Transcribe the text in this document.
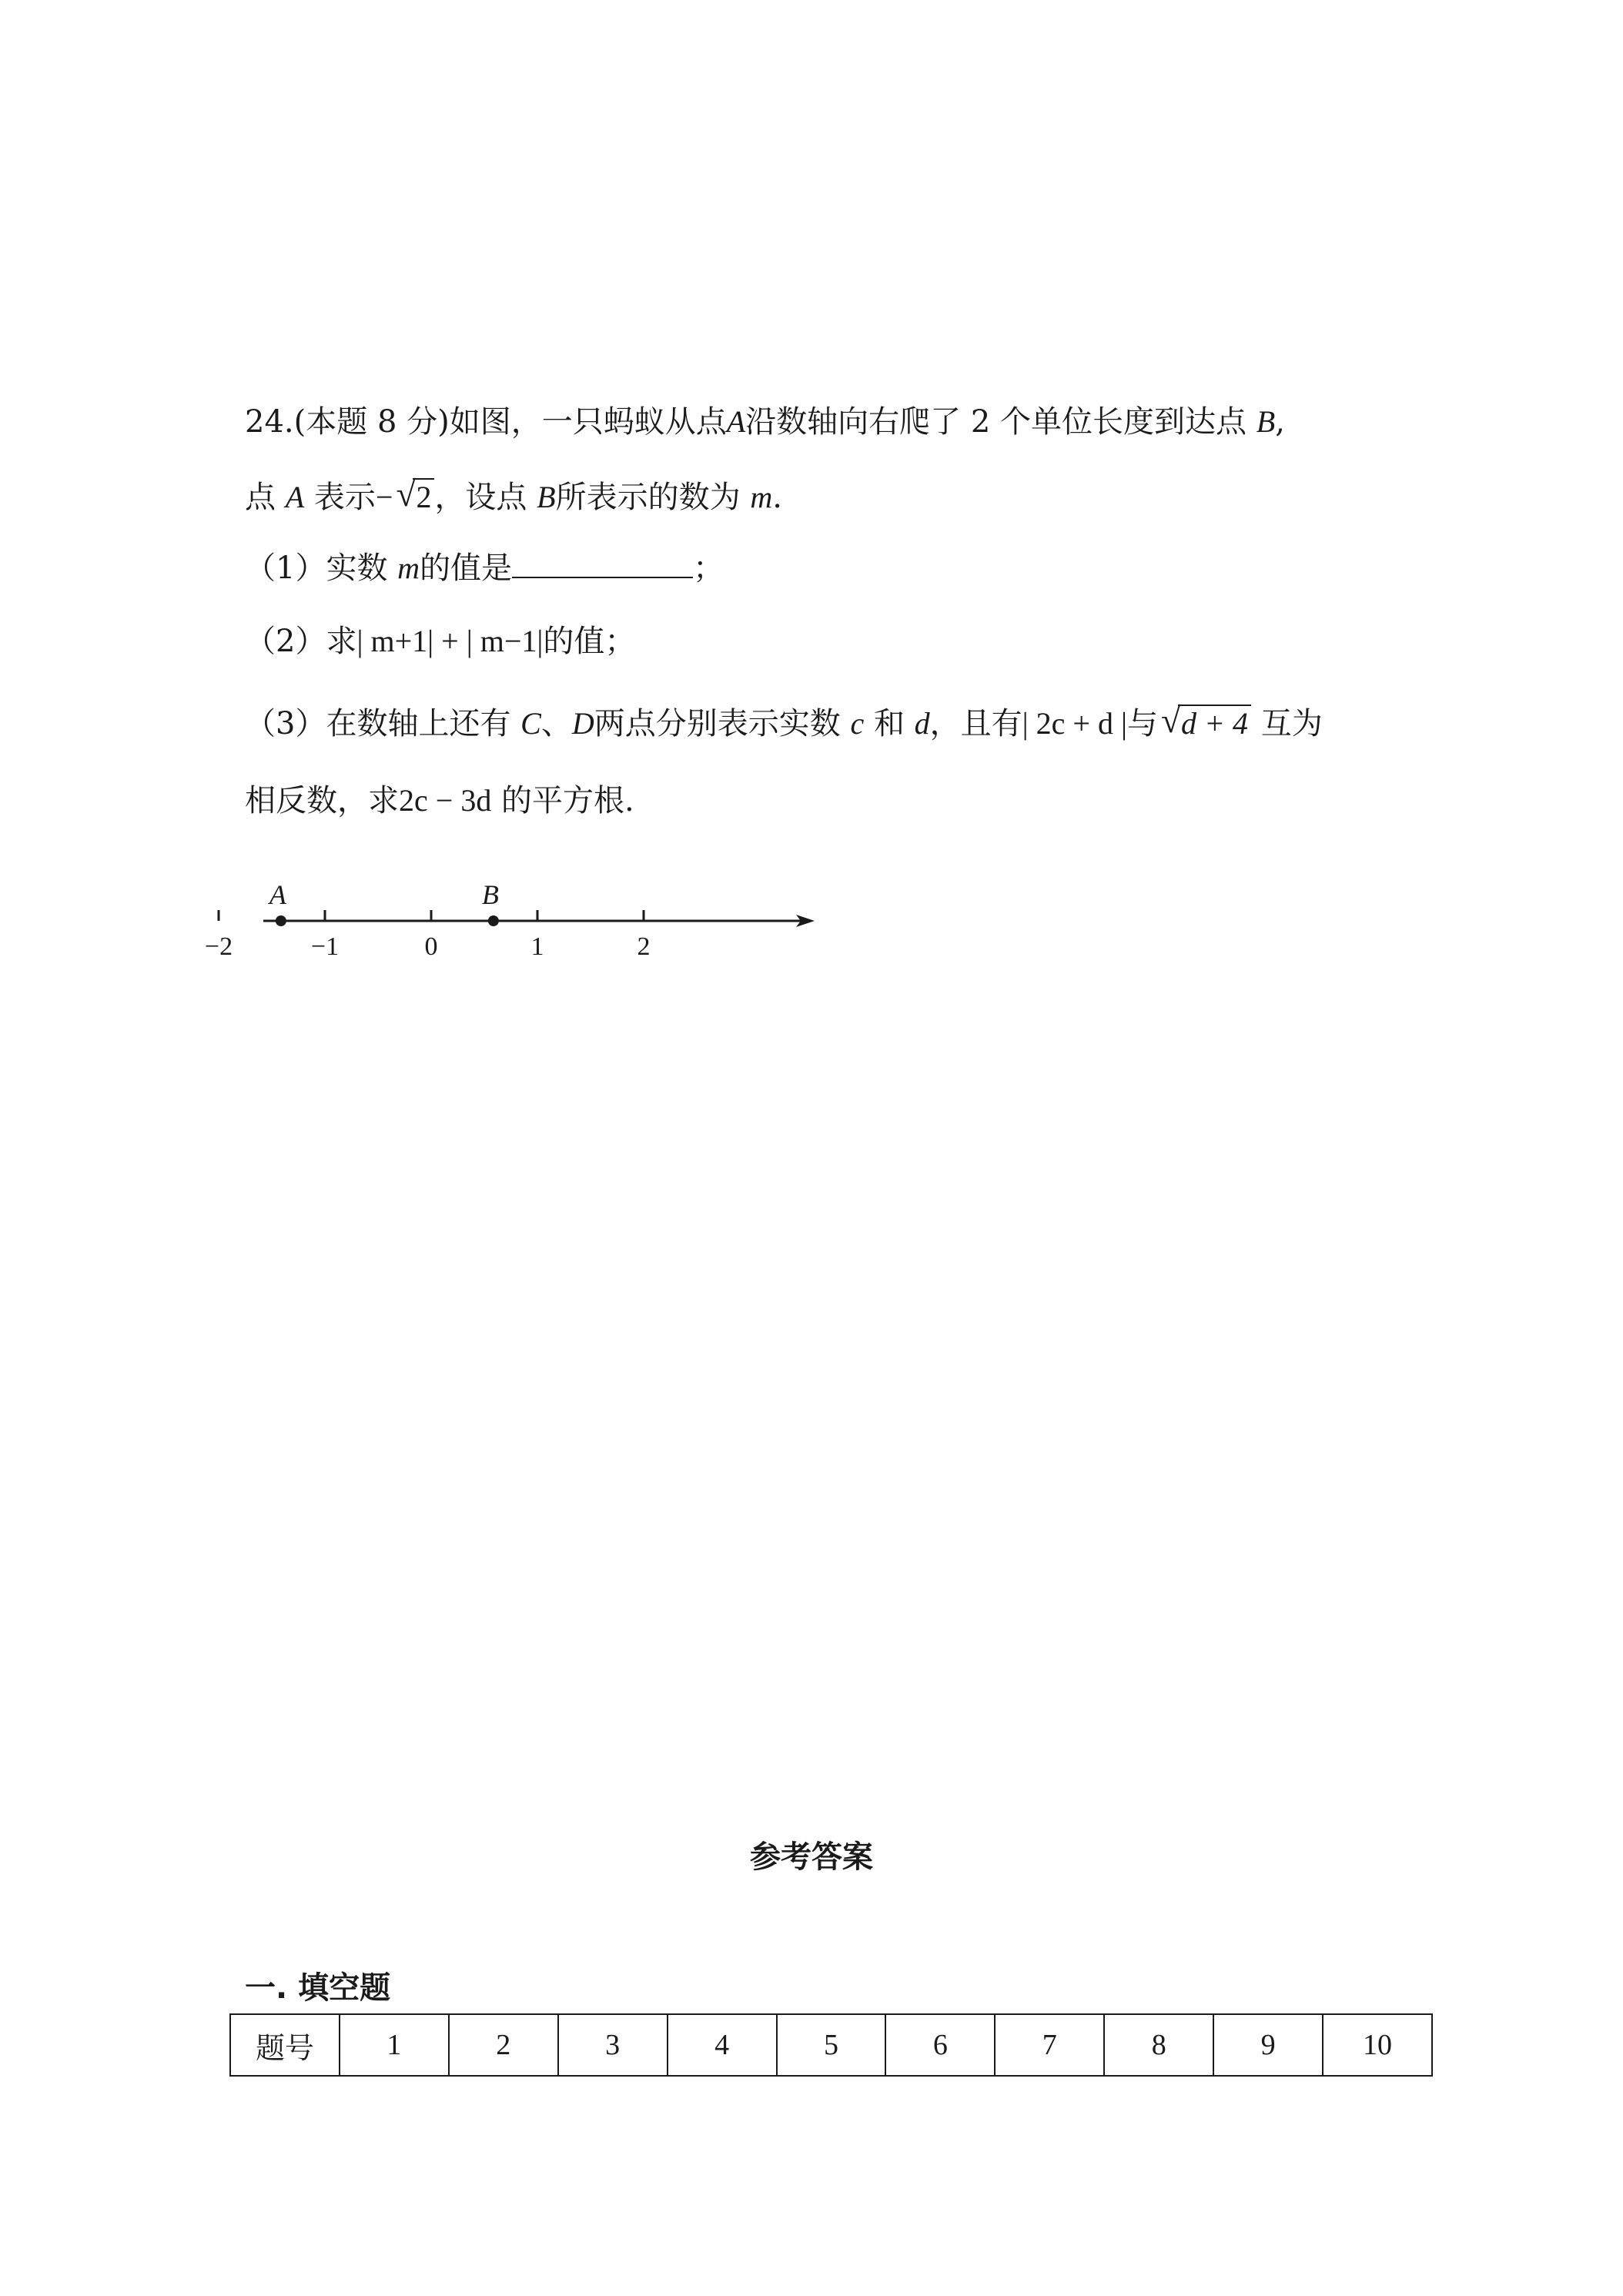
24.(本题 8 分)如图，一只蚂蚁从点A沿数轴向右爬了 2 个单位长度到达点 B,
点 A 表示− √ 2 ，设点 B所表示的数为 m.
（1）实数 m的值是	；
（2）求| m+1| + | m−1|的值；
（3）在数轴上还有 C、D两点分别表示实数 c 和 d，且有| 2c + d |与 √ d + 4 互为
相反数，求2c − 3d 的平方根.
−2	−1	0	1	2
A	B
参考答案
一. 填空题
题号	1	2	3	4	5	6	7	8	9	10
